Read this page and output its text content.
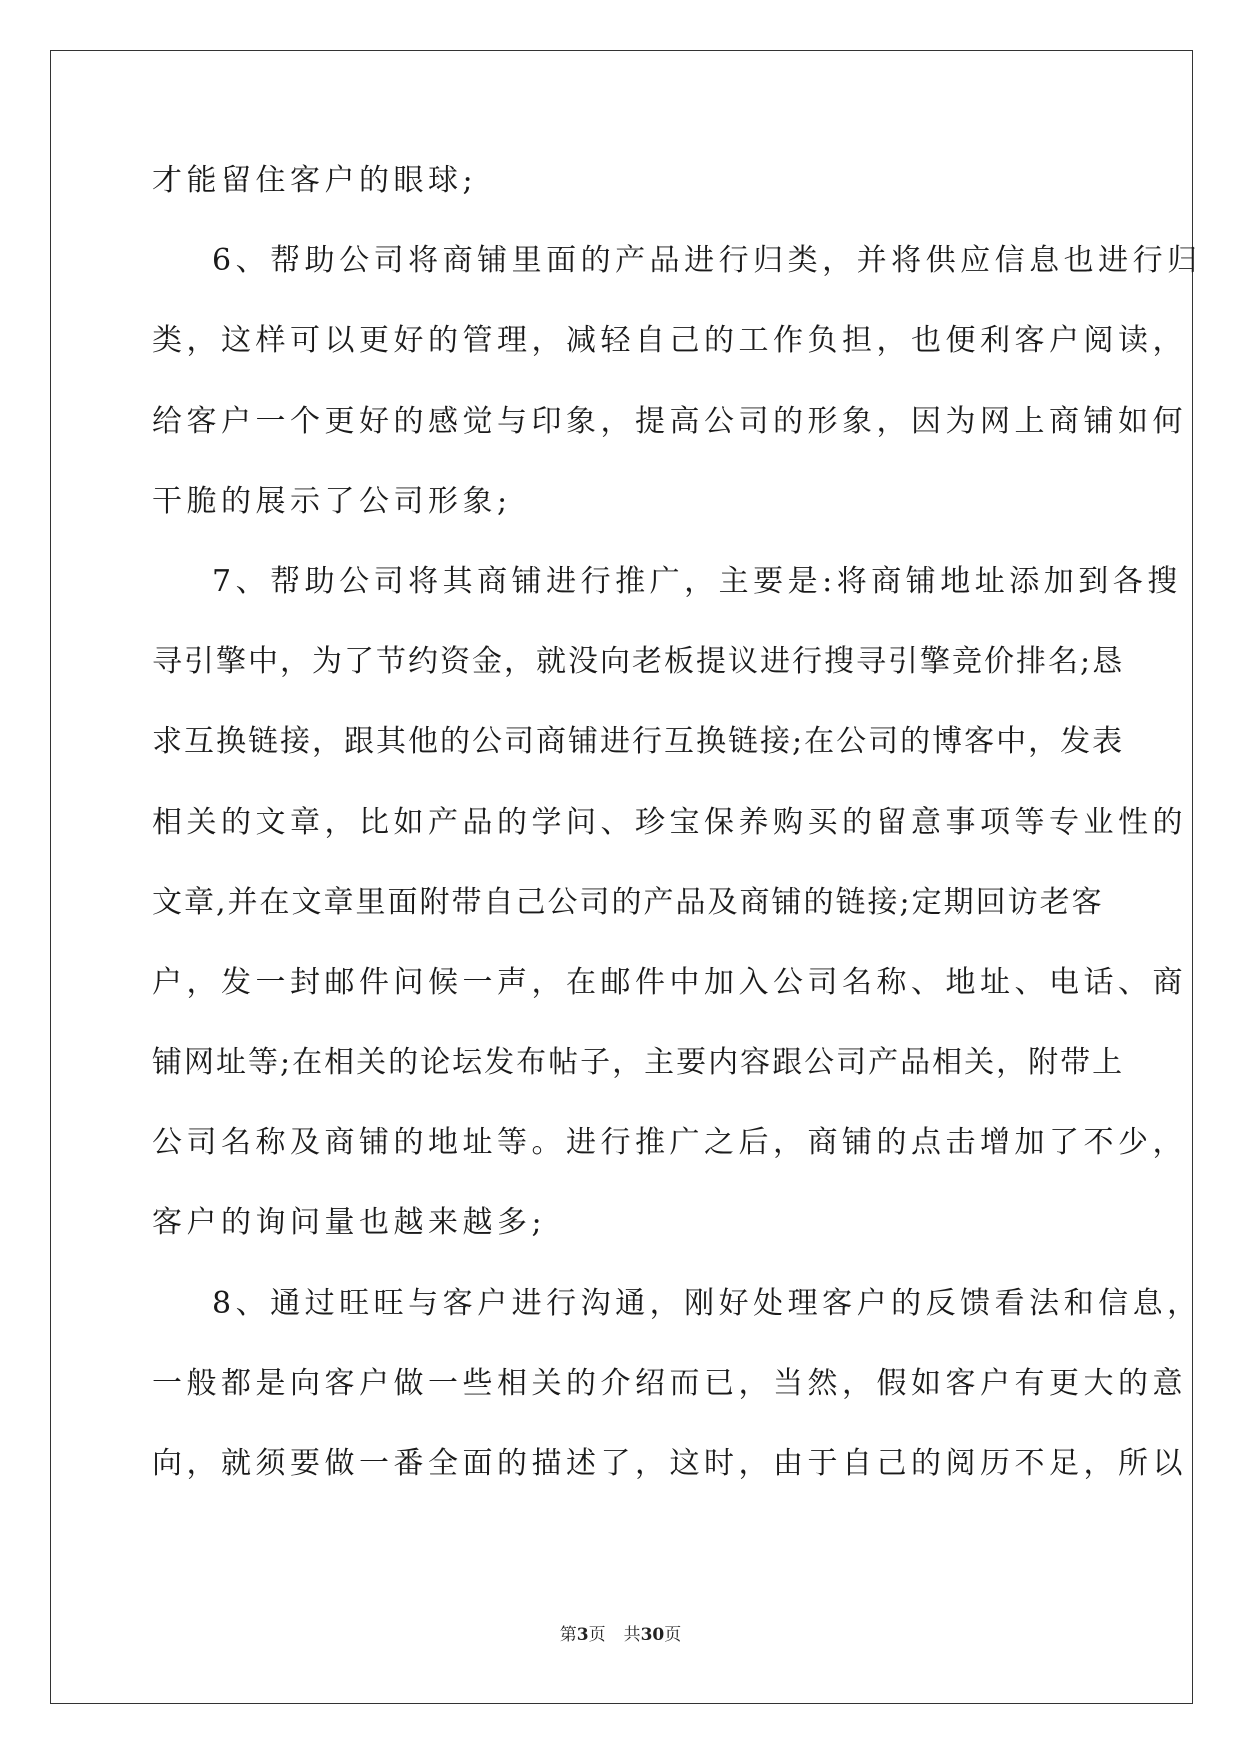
才能留住客户的眼球;
6、帮助公司将商铺里面的产品进行归类，并将供应信息也进行归
类，这样可以更好的管理，减轻自己的工作负担，也便利客户阅读，
给客户一个更好的感觉与印象，提高公司的形象，因为网上商铺如何
干脆的展示了公司形象;
7、帮助公司将其商铺进行推广，主要是:将商铺地址添加到各搜
寻引擎中，为了节约资金，就没向老板提议进行搜寻引擎竞价排名;恳
求互换链接，跟其他的公司商铺进行互换链接;在公司的博客中，发表
相关的文章，比如产品的学问、珍宝保养购买的留意事项等专业性的
文章,并在文章里面附带自己公司的产品及商铺的链接;定期回访老客
户，发一封邮件问候一声，在邮件中加入公司名称、地址、电话、商
铺网址等;在相关的论坛发布帖子，主要内容跟公司产品相关，附带上
公司名称及商铺的地址等。进行推广之后，商铺的点击增加了不少，
客户的询问量也越来越多;
8、通过旺旺与客户进行沟通，刚好处理客户的反馈看法和信息，
一般都是向客户做一些相关的介绍而已，当然，假如客户有更大的意
向，就须要做一番全面的描述了，这时，由于自己的阅历不足，所以
第3页 共30页
